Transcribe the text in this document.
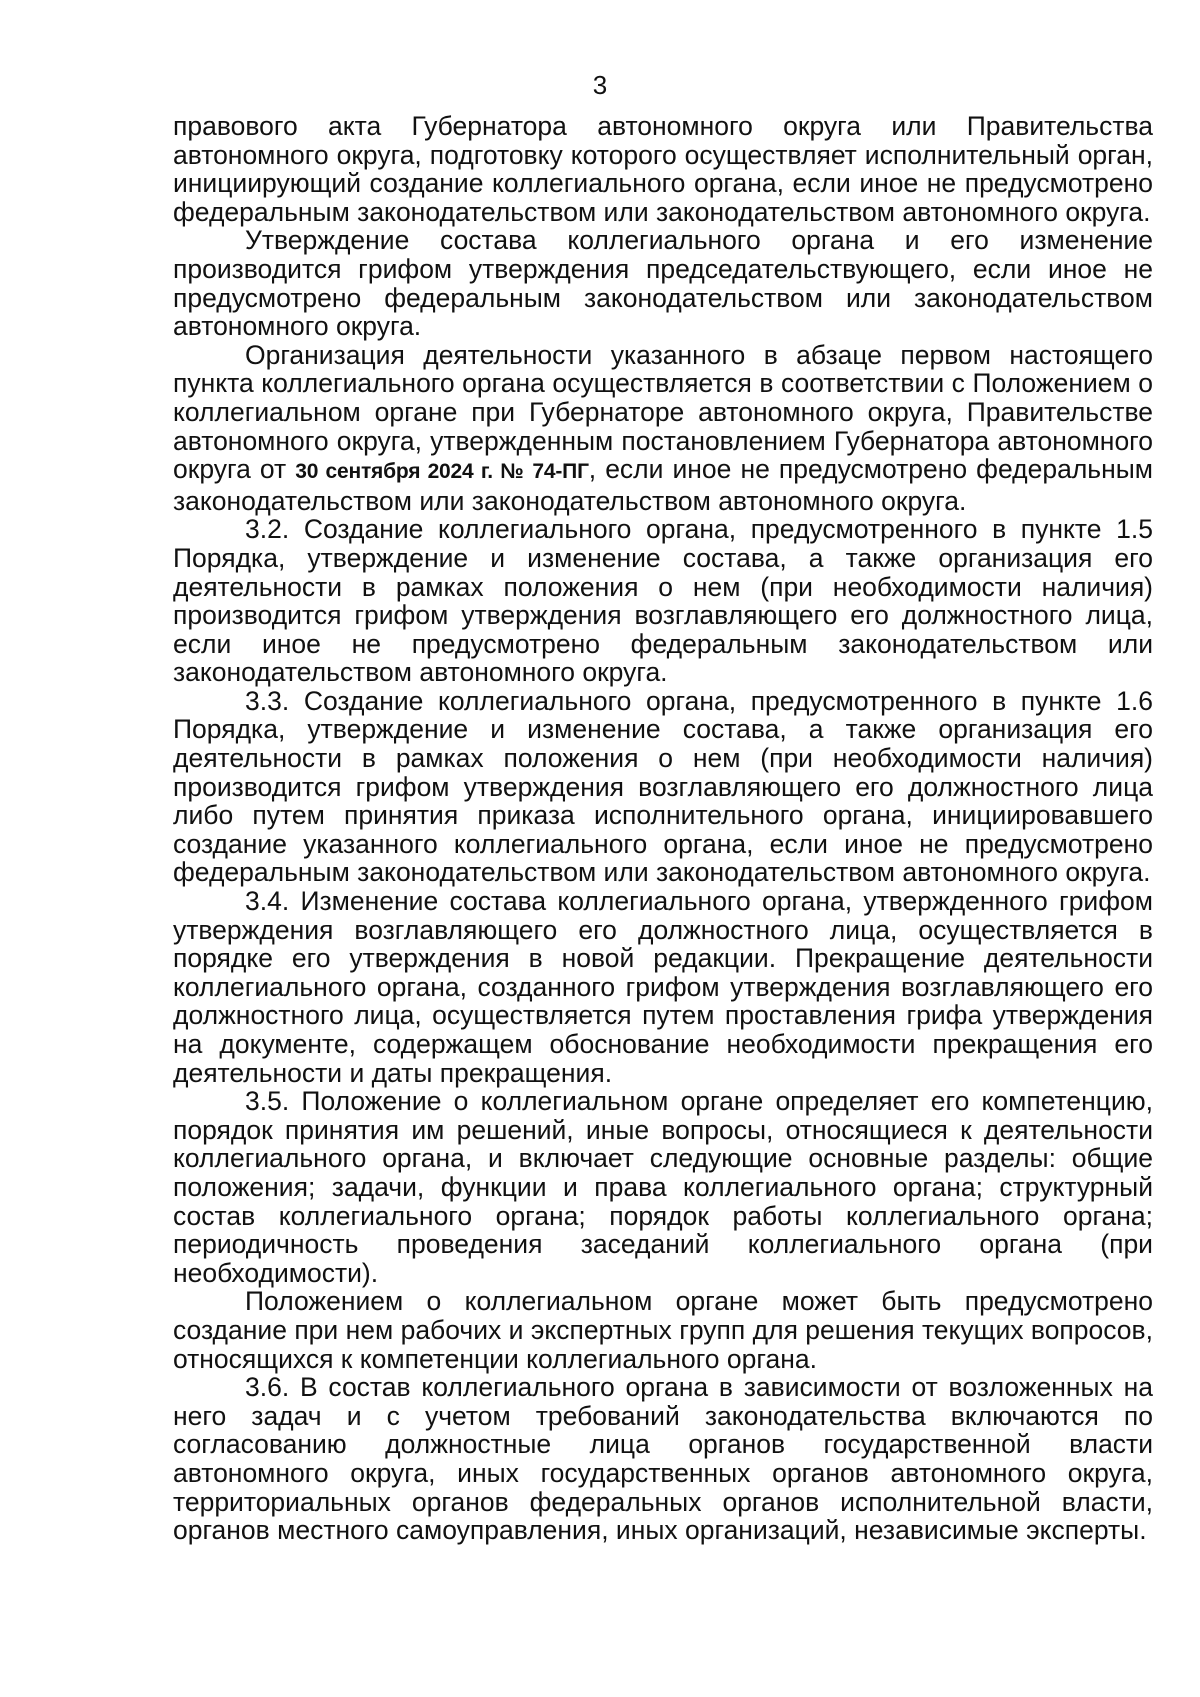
3

правового акта Губернатора автономного округа или Правительства автономного округа, подготовку которого осуществляет исполнительный орган, инициирующий создание коллегиального органа, если иное не предусмотрено федеральным законодательством или законодательством автономного округа.

Утверждение состава коллегиального органа и его изменение производится грифом утверждения председательствующего, если иное не предусмотрено федеральным законодательством или законодательством автономного округа.

Организация деятельности указанного в абзаце первом настоящего пункта коллегиального органа осуществляется в соответствии с Положением о коллегиальном органе при Губернаторе автономного округа, Правительстве автономного округа, утвержденным постановлением Губернатора автономного округа от 30 сентября 2024 г. № 74-ПГ, если иное не предусмотрено федеральным законодательством или законодательством автономного округа.

3.2. Создание коллегиального органа, предусмотренного в пункте 1.5 Порядка, утверждение и изменение состава, а также организация его деятельности в рамках положения о нем (при необходимости наличия) производится грифом утверждения возглавляющего его должностного лица, если иное не предусмотрено федеральным законодательством или законодательством автономного округа.

3.3. Создание коллегиального органа, предусмотренного в пункте 1.6 Порядка, утверждение и изменение состава, а также организация его деятельности в рамках положения о нем (при необходимости наличия) производится грифом утверждения возглавляющего его должностного лица либо путем принятия приказа исполнительного органа, инициировавшего создание указанного коллегиального органа, если иное не предусмотрено федеральным законодательством или законодательством автономного округа.

3.4. Изменение состава коллегиального органа, утвержденного грифом утверждения возглавляющего его должностного лица, осуществляется в порядке его утверждения в новой редакции. Прекращение деятельности коллегиального органа, созданного грифом утверждения возглавляющего его должностного лица, осуществляется путем проставления грифа утверждения на документе, содержащем обоснование необходимости прекращения его деятельности и даты прекращения.

3.5. Положение о коллегиальном органе определяет его компетенцию, порядок принятия им решений, иные вопросы, относящиеся к деятельности коллегиального органа, и включает следующие основные разделы: общие положения; задачи, функции и права коллегиального органа; структурный состав коллегиального органа; порядок работы коллегиального органа; периодичность проведения заседаний коллегиального органа (при необходимости).

Положением о коллегиальном органе может быть предусмотрено создание при нем рабочих и экспертных групп для решения текущих вопросов, относящихся к компетенции коллегиального органа.

3.6. В состав коллегиального органа в зависимости от возложенных на него задач и с учетом требований законодательства включаются по согласованию должностные лица органов государственной власти автономного округа, иных государственных органов автономного округа, территориальных органов федеральных органов исполнительной власти, органов местного самоуправления, иных организаций, независимые эксперты.
